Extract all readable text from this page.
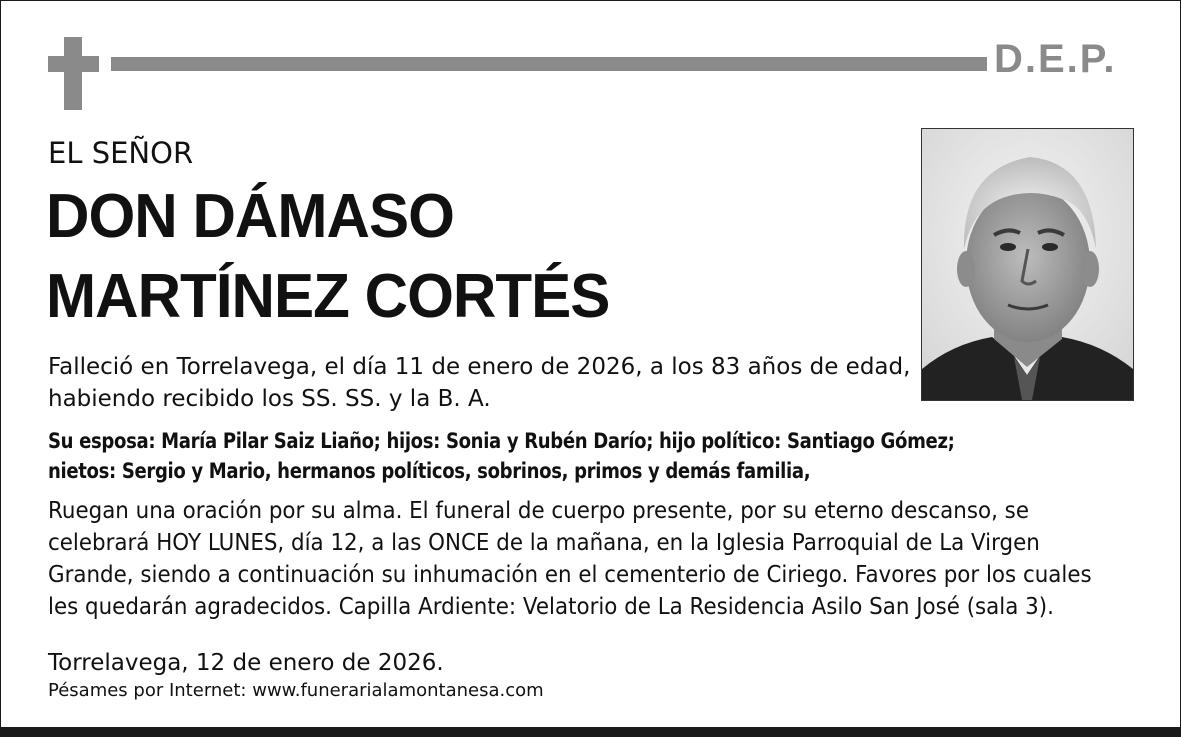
D.E.P.
EL SEÑOR
DON DÁMASO
MARTÍNEZ CORTÉS
Falleció en Torrelavega, el día 11 de enero de 2026, a los 83 años de edad,
habiendo recibido los SS. SS. y la B. A.
Su esposa: María Pilar Saiz Liaño; hijos: Sonia y Rubén Darío; hijo político: Santiago Gómez;
nietos: Sergio y Mario, hermanos políticos, sobrinos, primos y demás familia,
Ruegan una oración por su alma. El funeral de cuerpo presente, por su eterno descanso, se
celebrará HOY LUNES, día 12, a las ONCE de la mañana, en la Iglesia Parroquial de La Virgen
Grande, siendo a continuación su inhumación en el cementerio de Ciriego. Favores por los cuales
les quedarán agradecidos. Capilla Ardiente: Velatorio de La Residencia Asilo San José (sala 3).
Torrelavega, 12 de enero de 2026.
Pésames por Internet: www.funerarialamontanesa.com
